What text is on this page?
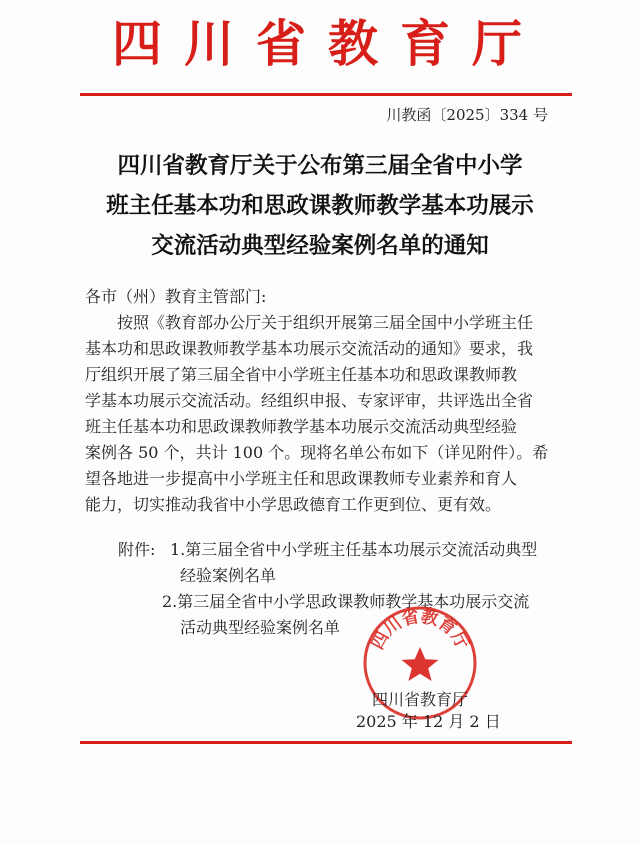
四川省教育厅
川教函〔2025〕334 号
四川省教育厅关于公布第三届全省中小学
班主任基本功和思政课教师教学基本功展示
交流活动典型经验案例名单的通知
各市（州）教育主管部门:
　　按照《教育部办公厅关于组织开展第三届全国中小学班主任
基本功和思政课教师教学基本功展示交流活动的通知》要求，我
厅组织开展了第三届全省中小学班主任基本功和思政课教师教
学基本功展示交流活动。经组织申报、专家评审，共评选出全省
班主任基本功和思政课教师教学基本功展示交流活动典型经验
案例各 50 个，共计 100 个。现将名单公布如下（详见附件）。希
望各地进一步提高中小学班主任和思政课教师专业素养和育人
能力，切实推动我省中小学思政德育工作更到位、更有效。
附件: 1.第三届全省中小学班主任基本功展示交流活动典型
经验案例名单
2.第三届全省中小学思政课教师教学基本功展示交流
活动典型经验案例名单
四川省教育厅
四川省教育厅
2025 年 12 月 2 日
